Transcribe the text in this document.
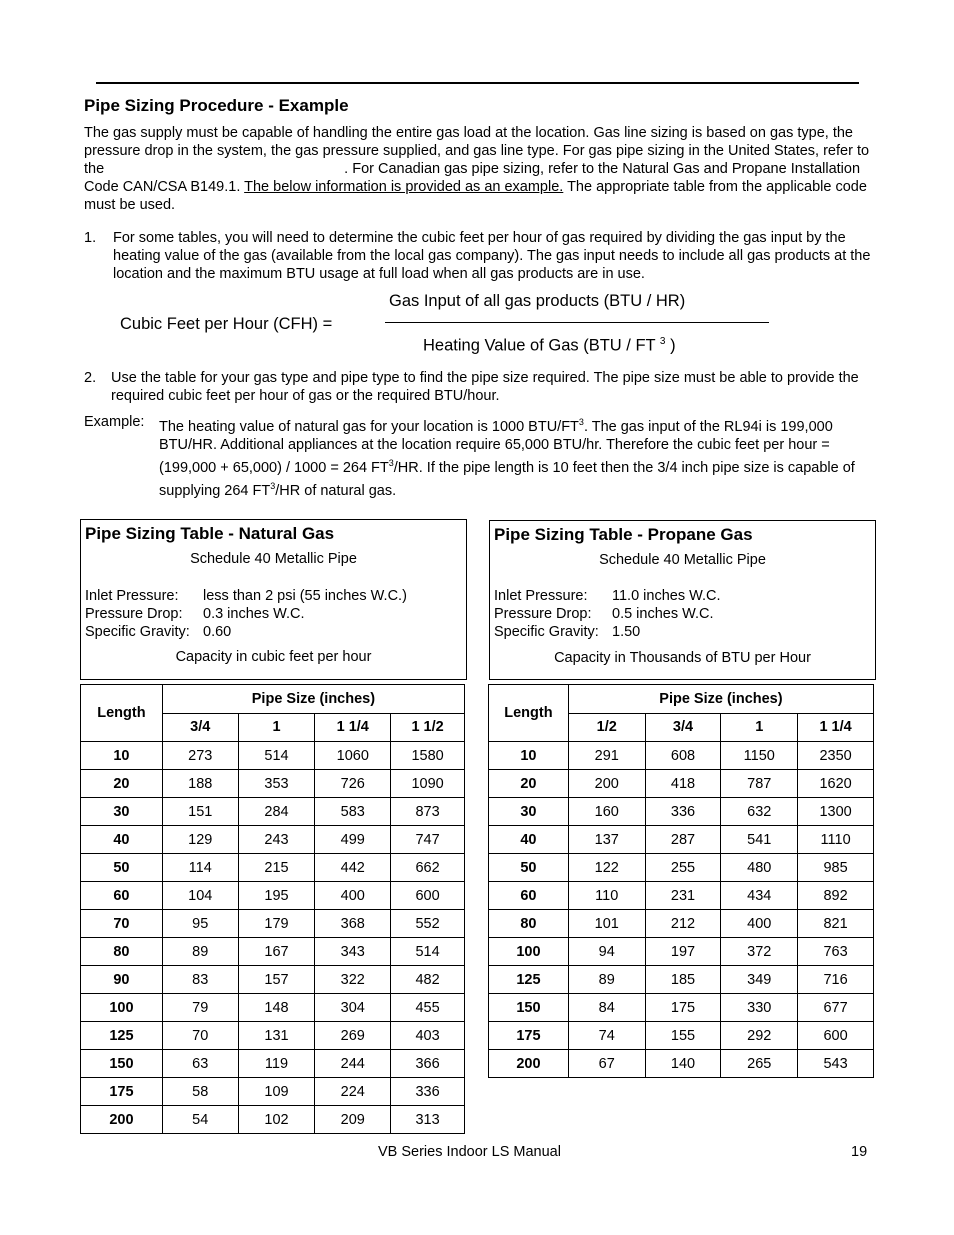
Pipe Sizing Procedure - Example
The gas supply must be capable of handling the entire gas load at the location. Gas line sizing is based on gas type, the pressure drop in the system, the gas pressure supplied, and gas line type. For gas pipe sizing in the United States, refer to the	. For Canadian gas pipe sizing, refer to the Natural Gas and Propane Installation Code CAN/CSA B149.1. The below information is provided as an example. The appropriate table from the applicable code must be used.
1. For some tables, you will need to determine the cubic feet per hour of gas required by dividing the gas input by the heating value of the gas (available from the local gas company). The gas input needs to include all gas products at the location and the maximum BTU usage at full load when all gas products are in use.
Cubic Feet per Hour (CFH) =
Gas Input of all gas products (BTU / HR)
Heating Value of Gas (BTU / FT $^3$ )
2. Use the table for your gas type and pipe type to find the pipe size required. The pipe size must be able to provide the required cubic feet per hour of gas or the required BTU/hour.
Example: The heating value of natural gas for your location is 1000 BTU/$FT^3$. The gas input of the RL94i is 199,000 BTU/HR. Additional appliances at the location require 65,000 BTU/hr. Therefore the cubic feet per hour = (199,000 + 65,000) / 1000 = 264 $FT^3/HR$. If the pipe length is 10 feet then the 3/4 inch pipe size is capable of supplying 264 $FT^3/HR$ of natural gas.
Pipe Sizing Table - Natural Gas
Schedule 40 Metallic Pipe
Inlet Pressure: less than 2 psi (55 inches W.C.)
Pressure Drop: 0.3 inches W.C.
Specific Gravity: 0.60
Capacity in cubic feet per hour
Pipe Sizing Table - Propane Gas
Schedule 40 Metallic Pipe
Inlet Pressure: 11.0 inches W.C.
Pressure Drop: 0.5 inches W.C.
Specific Gravity: 1.50
Capacity in Thousands of BTU per Hour
Length	Pipe Size (inches)			
	3/4	1	1 1/4	1 1/2
10	273	514	1060	1580
20	188	353	726	1090
30	151	284	583	873
40	129	243	499	747
50	114	215	442	662
60	104	195	400	600
70	95	179	368	552
80	89	167	343	514
90	83	157	322	482
100	79	148	304	455
125	70	131	269	403
150	63	119	244	366
175	58	109	224	336
200	54	102	209	313
Length	Pipe Size (inches)			
	1/2	3/4	1	1 1/4
10	291	608	1150	2350
20	200	418	787	1620
30	160	336	632	1300
40	137	287	541	1110
50	122	255	480	985
60	110	231	434	892
80	101	212	400	821
100	94	197	372	763
125	89	185	349	716
150	84	175	330	677
175	74	155	292	600
200	67	140	265	543
VB Series Indoor LS Manual	19
